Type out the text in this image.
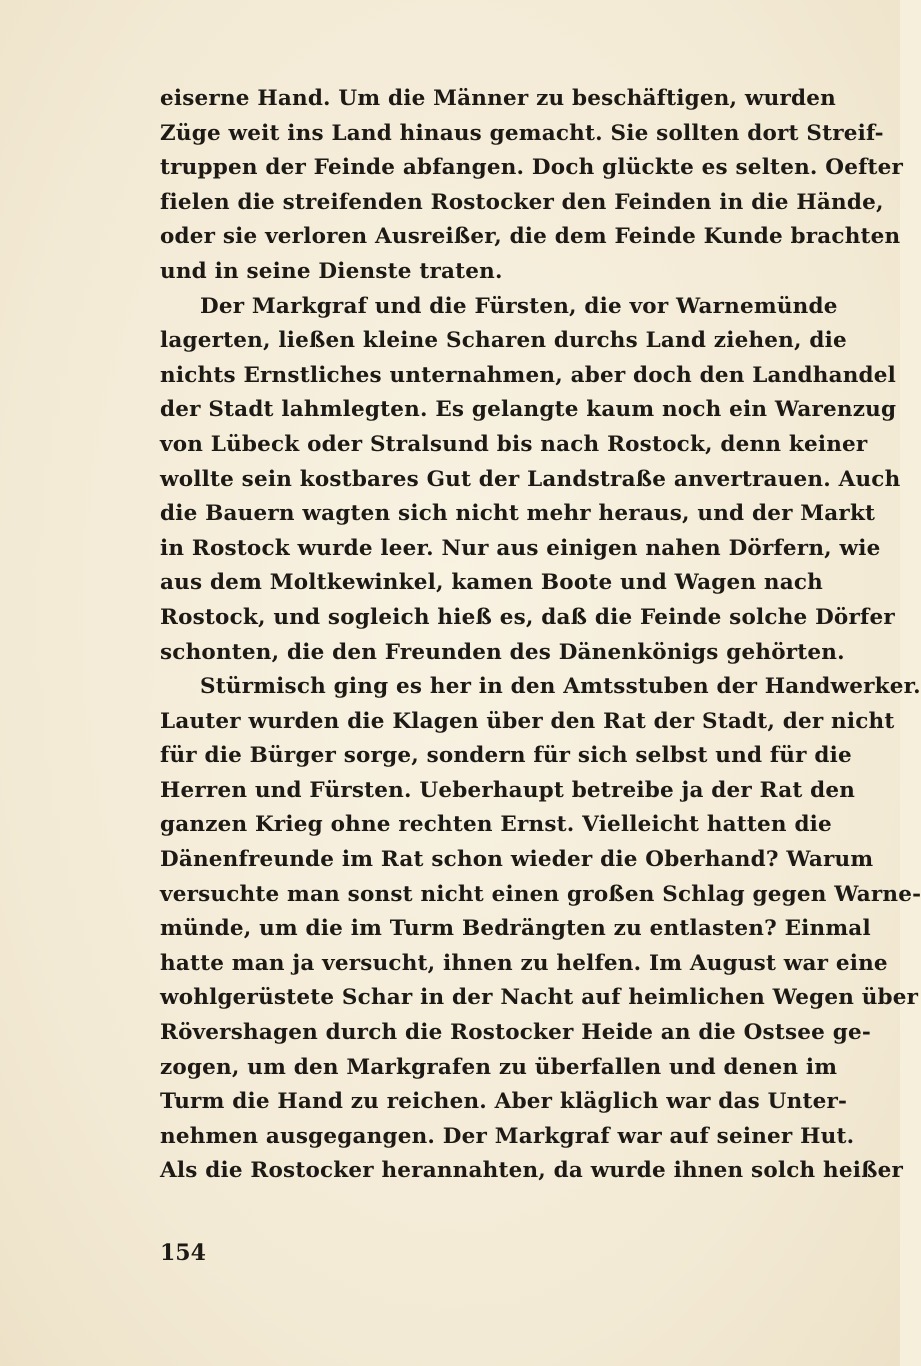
eiserne Hand. Um die Männer zu beschäftigen, wurden
Züge weit ins Land hinaus gemacht. Sie sollten dort Streif-
truppen der Feinde abfangen. Doch glückte es selten. Oefter
fielen die streifenden Rostocker den Feinden in die Hände,
oder sie verloren Ausreißer, die dem Feinde Kunde brachten
und in seine Dienste traten.
Der Markgraf und die Fürsten, die vor Warnemünde
lagerten, ließen kleine Scharen durchs Land ziehen, die
nichts Ernstliches unternahmen, aber doch den Landhandel
der Stadt lahmlegten. Es gelangte kaum noch ein Warenzug
von Lübeck oder Stralsund bis nach Rostock, denn keiner
wollte sein kostbares Gut der Landstraße anvertrauen. Auch
die Bauern wagten sich nicht mehr heraus, und der Markt
in Rostock wurde leer. Nur aus einigen nahen Dörfern, wie
aus dem Moltkewinkel, kamen Boote und Wagen nach
Rostock, und sogleich hieß es, daß die Feinde solche Dörfer
schonten, die den Freunden des Dänenkönigs gehörten.
Stürmisch ging es her in den Amtsstuben der Handwerker.
Lauter wurden die Klagen über den Rat der Stadt, der nicht
für die Bürger sorge, sondern für sich selbst und für die
Herren und Fürsten. Ueberhaupt betreibe ja der Rat den
ganzen Krieg ohne rechten Ernst. Vielleicht hatten die
Dänenfreunde im Rat schon wieder die Oberhand? Warum
versuchte man sonst nicht einen großen Schlag gegen Warne-
münde, um die im Turm Bedrängten zu entlasten? Einmal
hatte man ja versucht, ihnen zu helfen. Im August war eine
wohlgerüstete Schar in der Nacht auf heimlichen Wegen über
Rövershagen durch die Rostocker Heide an die Ostsee ge-
zogen, um den Markgrafen zu überfallen und denen im
Turm die Hand zu reichen. Aber kläglich war das Unter-
nehmen ausgegangen. Der Markgraf war auf seiner Hut.
Als die Rostocker herannahten, da wurde ihnen solch heißer
154
